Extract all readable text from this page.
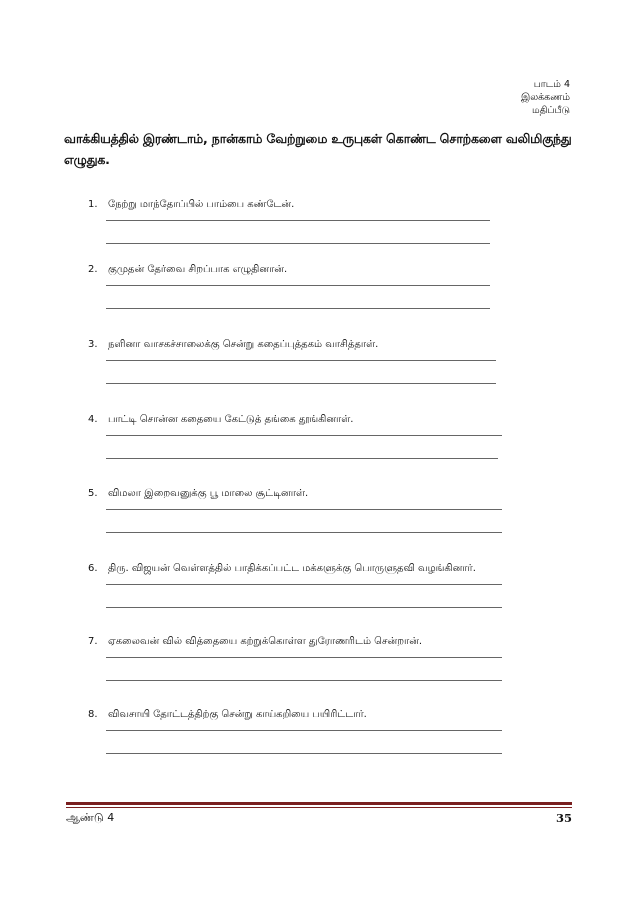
பாடம் 4
இலக்கணம்
மதிப்பீடு
வாக்கியத்தில் இரண்டாம், நான்காம் வேற்றுமை உருபுகள் கொண்ட சொற்களை வலிமிகுந்து எழுதுக.
1. நேற்று மாந்தோப்பில் பாம்பை கண்டேன்.
2. குமுதன் தேர்வை சிறப்பாக எழுதினான்.
3. நளினா வாசகச்சாலைக்கு சென்று கதைப்புத்தகம் வாசித்தாள்.
4. பாட்டி சொன்ன கதையை கேட்டுத் தங்கை தூங்கினாள்.
5. விமலா இறைவனுக்கு பூ மாலை சூட்டினாள்.
6. திரு. விஜயன் வெள்ளத்தில் பாதிக்கப்பட்ட மக்களுக்கு பொருளுதவி வழங்கினார்.
7. ஏகலைவன் வில் வித்தையை கற்றுக்கொள்ள துரோணரிடம் சென்றான்.
8. விவசாயி தோட்டத்திற்கு சென்று காய்கறியை பயிரிட்டார்.
ஆண்டு 4	35
